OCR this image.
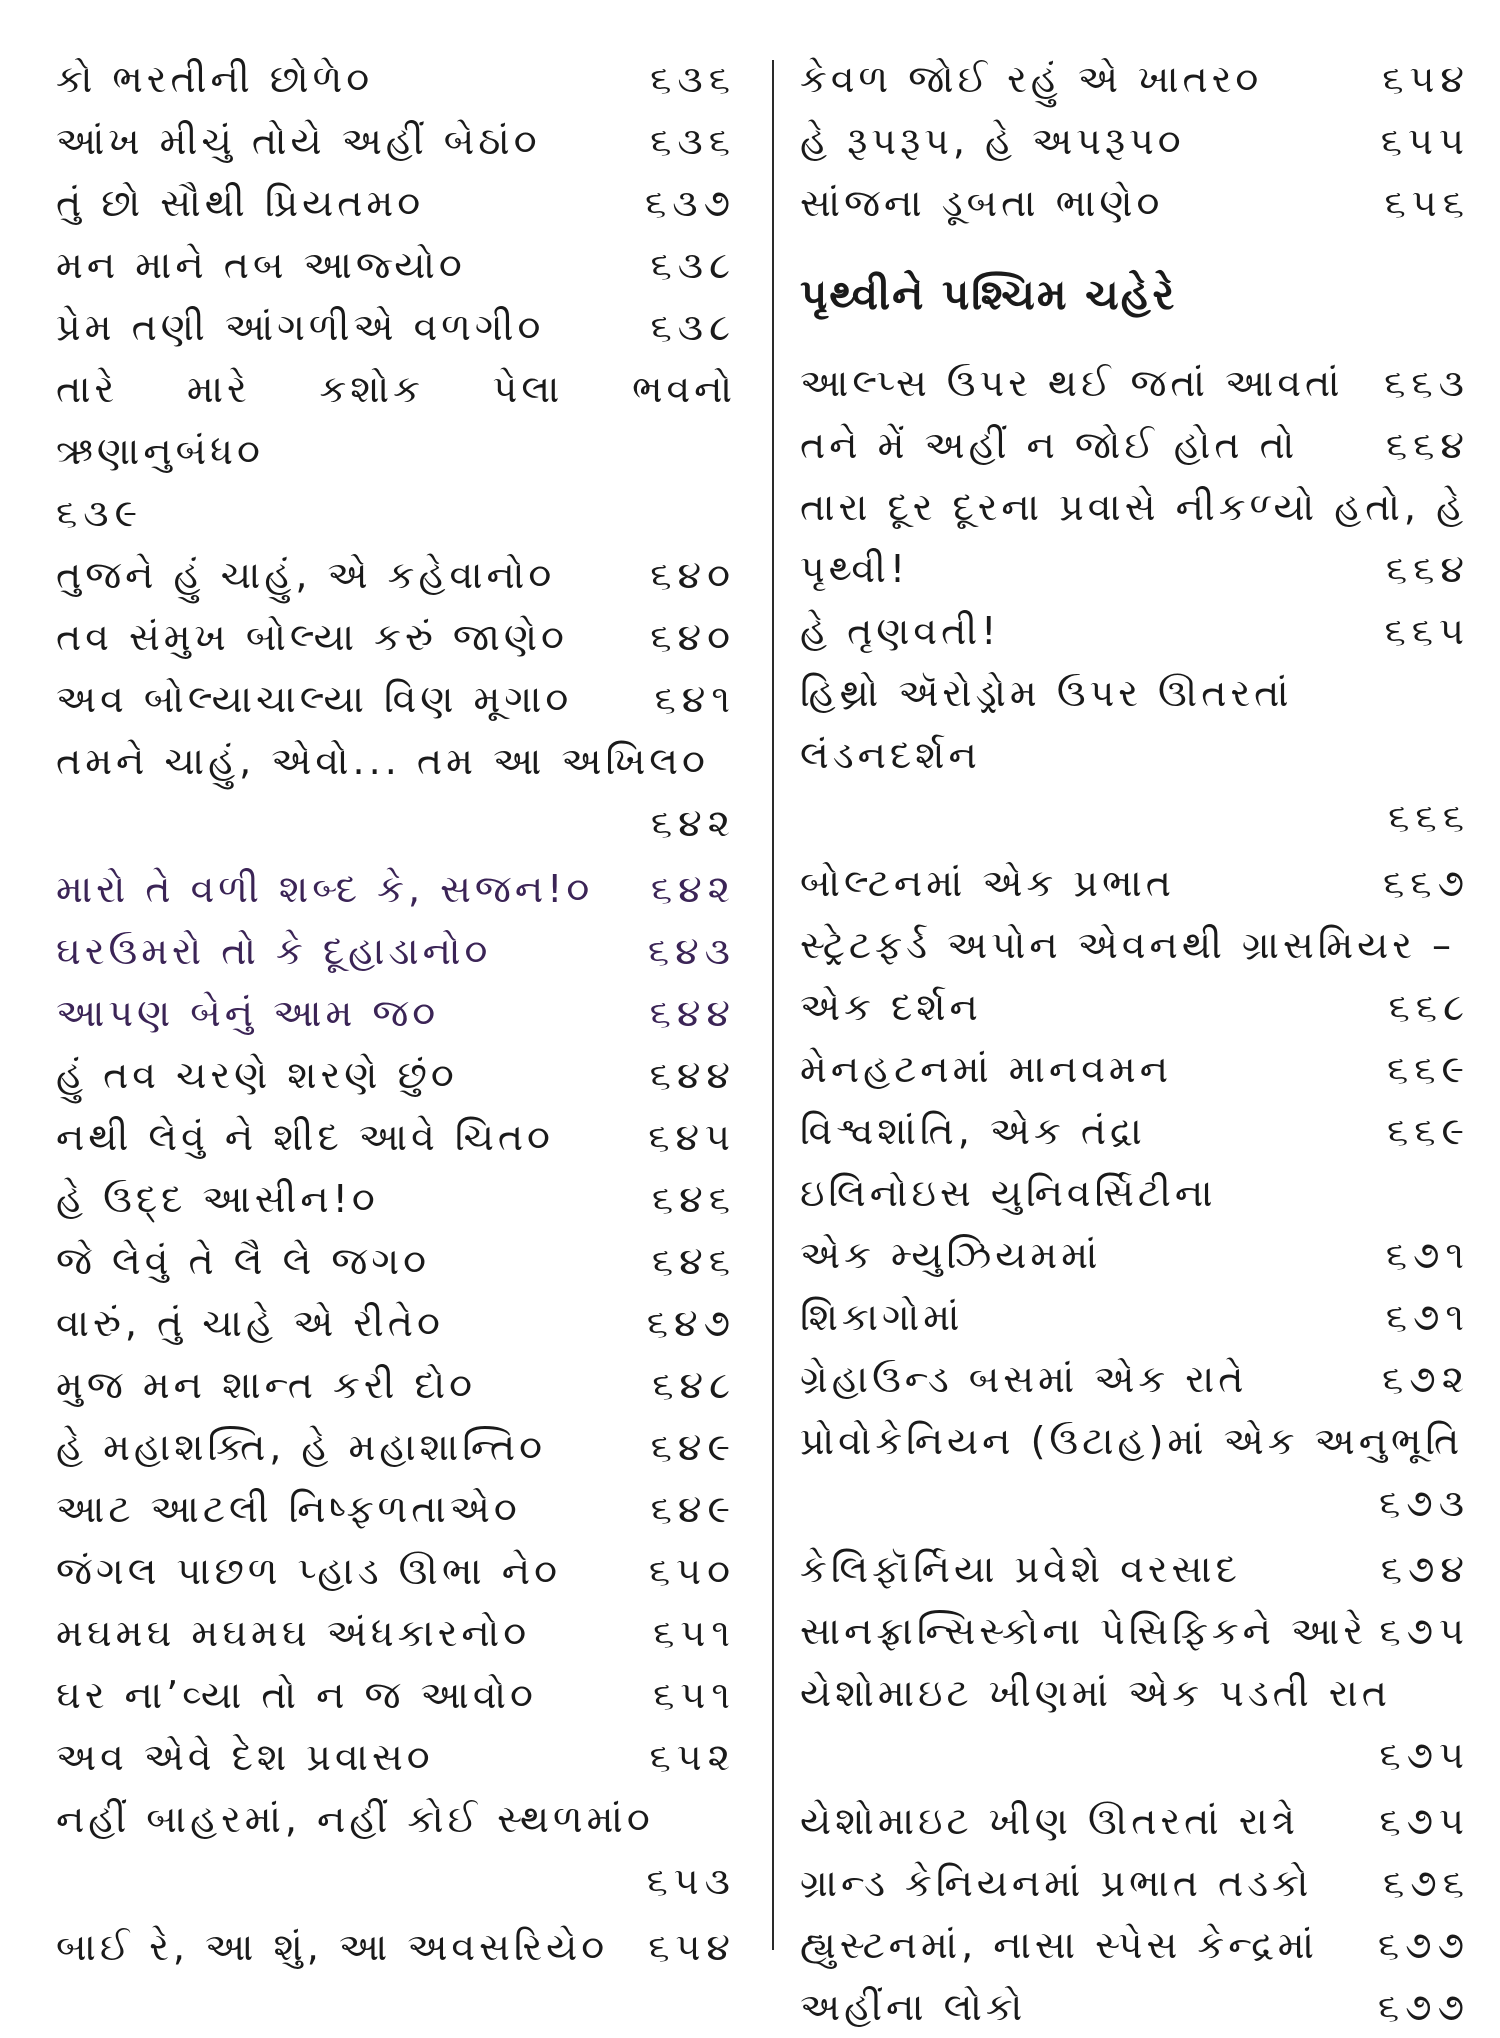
કો ભરતીની છોળે૦	૬૩૬
આંખ મીચું તોયે અહીં બેઠાં૦	૬૩૬
તું છો સૌથી પ્રિયતમ૦	૬૩૭
મન માને તબ આજ્યો૦	૬૩૮
પ્રેમ તણી આંગળીએ વળગી૦	૬૩૮
તારે મારે કશોક પેલા ભવનો ઋણાનુબંધ૦
૬૩૯
તુજને હું ચાહું, એ કહેવાનો૦	૬૪૦
તવ સંમુખ બોલ્યા કરું જાણે૦ ૬૪૦
અવ બોલ્યાચાલ્યા વિણ મૂગા૦ ૬૪૧
તમને ચાહું, એવો... તમ આ અખિલ૦
૬૪૨
મારો તે વળી શબ્દ કે, સજન!૦ ૬૪૨
ઘરઉમરો તો કે દૂહાડાનો૦	૬૪૩
આપણ બેનું આમ જ૦	૬૪૪
હું તવ ચરણે શરણે છું૦	૬૪૪
નથી લેવું ને શીદ આવે ચિત૦ ૬૪૫
હે ઉદ્દ આસીન!૦	૬૪૬
જે લેવું તે લૈ લે જગ૦	૬૪૬
વારું, તું ચાહે એ રીતે૦	૬૪૭
મુજ મન શાન્ત કરી દો૦	૬૪૮
હે મહાશક્તિ, હે મહાશાન્તિ૦	૬૪૯
આટ આટલી નિષ્ફળતાએ૦	૬૪૯
જંગલ પાછળ પ્હાડ ઊભા ને૦ ૬૫૦
મઘમઘ મઘમઘ અંધકારનો૦	૬૫૧
ઘર ના’વ્યા તો ન જ આવો૦	૬૫૧
અવ એવે દેશ પ્રવાસ૦	૬૫૨
નહીં બાહરમાં, નહીં કોઈ સ્થળમાં૦
૬૫૩
બાઈ રે, આ શું, આ અવસરિયે૦ ૬૫૪
કેવળ જોઈ રહું એ ખાતર૦	૬૫૪
હે રૂપરૂપ, હે અપરૂપ૦	૬૫૫
સાંજના ડૂબતા ભાણે૦	૬૫૬
પૃથ્વીને પશ્ચિમ ચહેરે
આલ્પ્સ ઉપર થઈ જતાં આવતાં ૬૬૩
તને મેં અહીં ન જોઈ હોત તો ૬૬૪
તારા દૂર દૂરના પ્રવાસે નીકળ્યો હતો, હે પૃથ્વી!	૬૬૪
હે તૃણવતી!	૬૬૫
હિથ્રો ઍરોડ્રોમ ઉપર ઊતરતાં લંડનદર્શન
૬૬૬
બોલ્ટનમાં એક પ્રભાત	૬૬૭
સ્ટ્રેટફર્ડ અપોન એવનથી ગ્રાસમિયર – એક દર્શન	૬૬૮
મેનહટનમાં માનવમન	૬૬૯
વિશ્વશાંતિ, એક તંદ્રા	૬૬૯
ઇલિનોઇસ યુનિવર્સિટીના એક મ્યુઝિયમમાં	૬૭૧
શિકાગોમાં	૬૭૧
ગ્રેહાઉન્ડ બસમાં એક રાતે	૬૭૨
પ્રોવોકેનિયન (ઉટાહ)માં એક અનુભૂતિ
૬૭૩
કેલિફૉર્નિયા પ્રવેશે વરસાદ	૬૭૪
સાનફ્રાન્સિસ્કોના પેસિફિકને આરે ૬૭૫
યેશોમાઇટ ખીણમાં એક પડતી રાત
૬૭૫
યેશોમાઇટ ખીણ ઊતરતાં રાત્રે ૬૭૫
ગ્રાન્ડ કેનિયનમાં પ્રભાત તડકો ૬૭૬
હ્યુસ્ટનમાં, નાસા સ્પેસ કેન્દ્રમાં ૬૭૭
અહીંના લોકો	૬૭૭
